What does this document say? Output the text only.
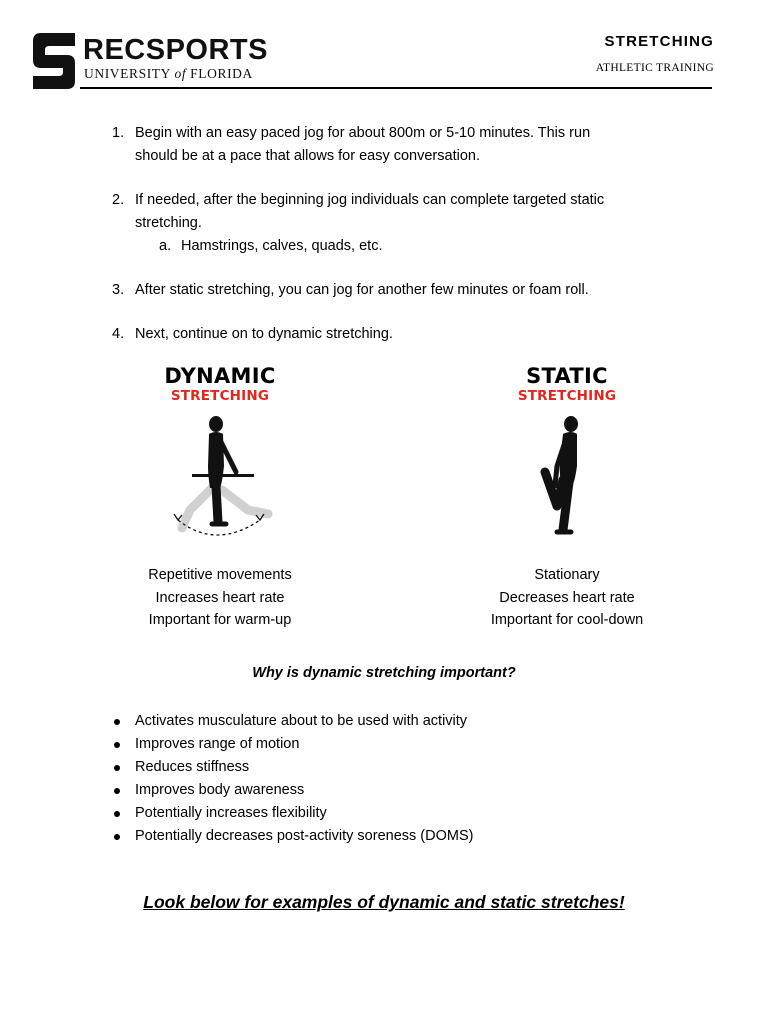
RECSPORTS
UNIVERSITY of FLORIDA
STRETCHING
ATHLETIC TRAINING
1. Begin with an easy paced jog for about 800m or 5-10 minutes. This run
should be at a pace that allows for easy conversation.
2. If needed, after the beginning jog individuals can complete targeted static
stretching.
a. Hamstrings, calves, quads, etc.
3. After static stretching, you can jog for another few minutes or foam roll.
4. Next, continue on to dynamic stretching.
DYNAMIC
STRETCHING
Repetitive movements
Increases heart rate
Important for warm-up
STATIC
STRETCHING
Stationary
Decreases heart rate
Important for cool-down
Why is dynamic stretching important?
Activates musculature about to be used with activity
Improves range of motion
Reduces stiffness
Improves body awareness
Potentially increases flexibility
Potentially decreases post-activity soreness (DOMS)
Look below for examples of dynamic and static stretches!
